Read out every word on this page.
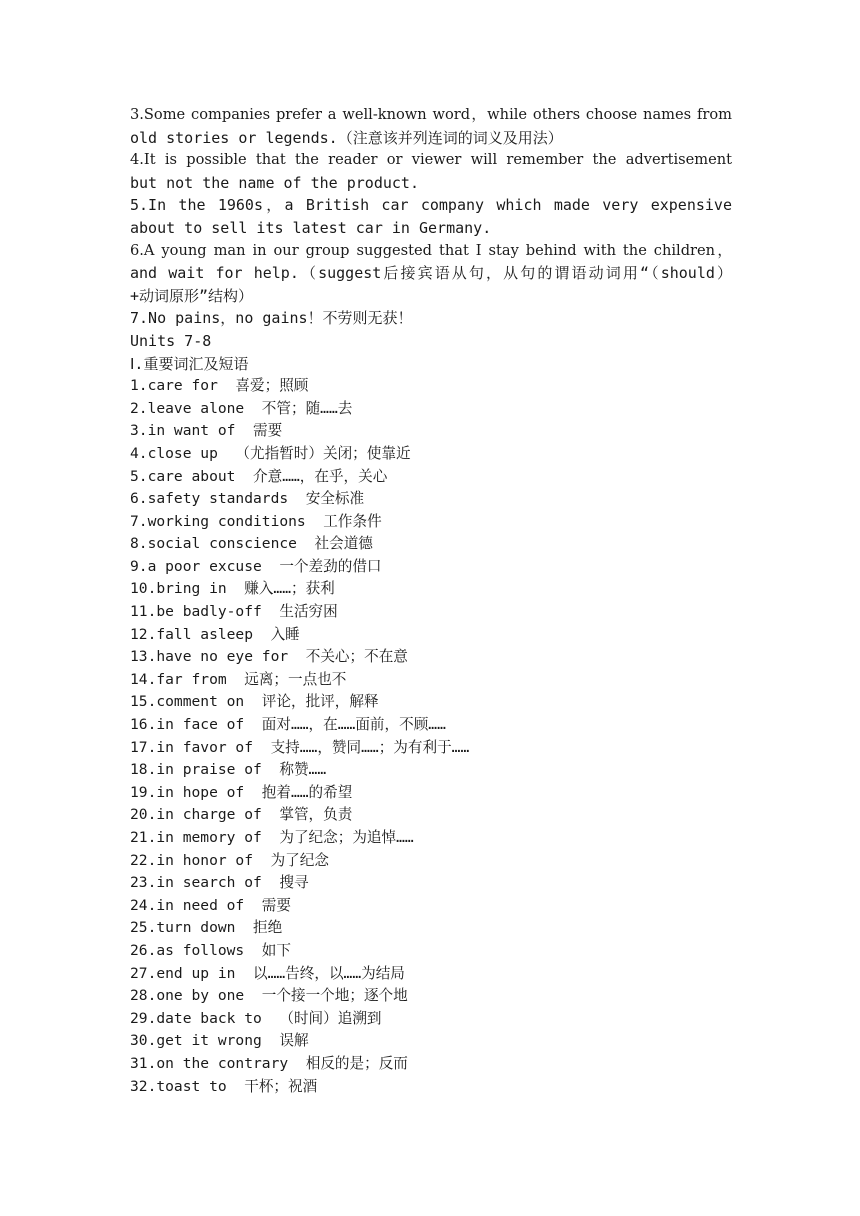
3.Some companies prefer a well-known word，while others choose names from
old stories or legends.（注意该并列连词的词义及用法）
4.It is possible that the reader or viewer will remember the advertisement
but not the name of the product.
5.In the 1960s，a British car company which made very expensive
about to sell its latest car in Germany.
6.A young man in our group suggested that I stay behind with the children，
and wait for help.（suggest后接宾语从句，从句的谓语动词用“（should）
+动词原形”结构）
7.No pains，no gains！不劳则无获！
Units 7-8
Ⅰ.重要词汇及短语
1.care for  喜爱；照顾
2.leave alone  不管；随……去
3.in want of  需要
4.close up  （尤指暂时）关闭；使靠近
5.care about  介意……，在乎，关心
6.safety standards  安全标准
7.working conditions  工作条件
8.social conscience  社会道德
9.a poor excuse  一个差劲的借口
10.bring in  赚入……；获利
11.be badly-off  生活穷困
12.fall asleep  入睡
13.have no eye for  不关心；不在意
14.far from  远离；一点也不
15.comment on  评论，批评，解释
16.in face of  面对……，在……面前，不顾……
17.in favor of  支持……，赞同……；为有利于……
18.in praise of  称赞……
19.in hope of  抱着……的希望
20.in charge of  掌管，负责
21.in memory of  为了纪念；为追悼……
22.in honor of  为了纪念
23.in search of  搜寻
24.in need of  需要
25.turn down  拒绝
26.as follows  如下
27.end up in  以……告终，以……为结局
28.one by one  一个接一个地；逐个地
29.date back to  （时间）追溯到
30.get it wrong  误解
31.on the contrary  相反的是；反而
32.toast to  干杯；祝酒
